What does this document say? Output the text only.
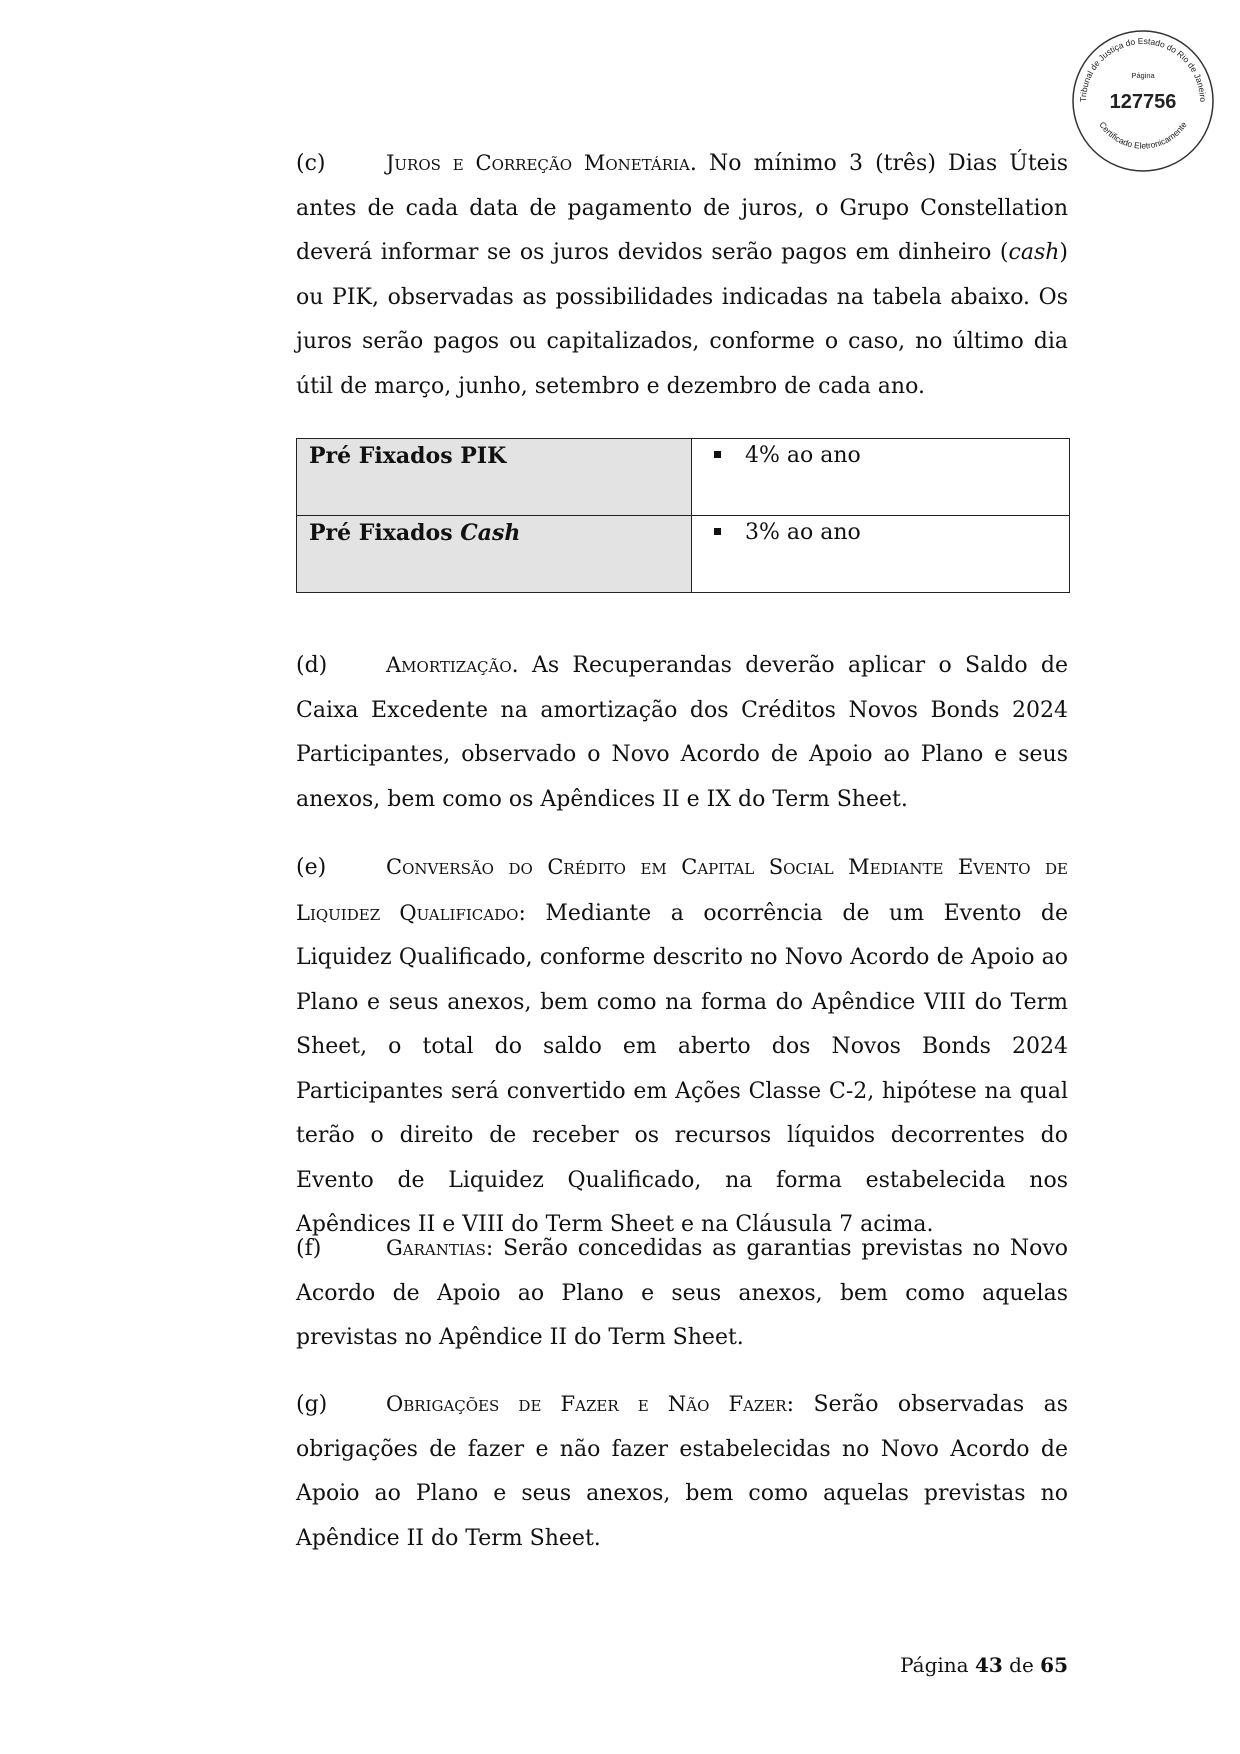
Tribunal de Justiça do Estado do Rio de Janeiro
Certificado Eletronicamente
Página
127756

(c)	Juros e Correção Monetária. No mínimo 3 (três) Dias Úteis antes de cada data de pagamento de juros, o Grupo Constellation deverá informar se os juros devidos serão pagos em dinheiro (cash) ou PIK, observadas as possibilidades indicadas na tabela abaixo. Os juros serão pagos ou capitalizados, conforme o caso, no último dia útil de março, junho, setembro e dezembro de cada ano.

Pré Fixados PIK	4% ao ano
Pré Fixados Cash	3% ao ano

(d)	Amortização. As Recuperandas deverão aplicar o Saldo de Caixa Excedente na amortização dos Créditos Novos Bonds 2024 Participantes, observado o Novo Acordo de Apoio ao Plano e seus anexos, bem como os Apêndices II e IX do Term Sheet.

(e)	Conversão do Crédito em Capital Social Mediante Evento de Liquidez Qualificado: Mediante a ocorrência de um Evento de Liquidez Qualificado, conforme descrito no Novo Acordo de Apoio ao Plano e seus anexos, bem como na forma do Apêndice VIII do Term Sheet, o total do saldo em aberto dos Novos Bonds 2024 Participantes será convertido em Ações Classe C-2, hipótese na qual terão o direito de receber os recursos líquidos decorrentes do Evento de Liquidez Qualificado, na forma estabelecida nos Apêndices II e VIII do Term Sheet e na Cláusula 7 acima.

(f)	Garantias: Serão concedidas as garantias previstas no Novo Acordo de Apoio ao Plano e seus anexos, bem como aquelas previstas no Apêndice II do Term Sheet.

(g)	Obrigações de Fazer e Não Fazer: Serão observadas as obrigações de fazer e não fazer estabelecidas no Novo Acordo de Apoio ao Plano e seus anexos, bem como aquelas previstas no Apêndice II do Term Sheet.

Página 43 de 65
